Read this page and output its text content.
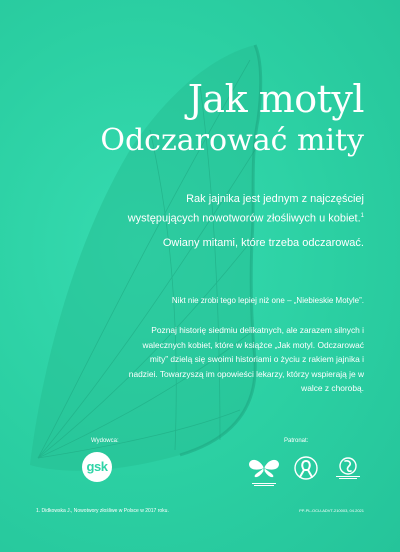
Jak motyl
Odczarować mity
Rak jajnika jest jednym z najczęściej występujących nowotworów złośliwych u kobiet.$^1$
Owiany mitami, które trzeba odczarować.
Nikt nie zrobi tego lepiej niż one – „Niebieskie Motyle”.
Poznaj historię siedmiu delikatnych, ale zarazem silnych i walecznych kobiet, które w książce „Jak motyl. Odczarować mity” dzielą się swoimi historiami o życiu z rakiem jajnika i nadziei. Towarzyszą im opowieści lekarzy, którzy wspierają je w walce z chorobą.
Wydowca:
gsk
Patronat:
1. Didkowska J., Nowotwory złośliwe w Polsce w 2017 roku.	PP-PL-OCU-ADVT-210003, 04.2021
